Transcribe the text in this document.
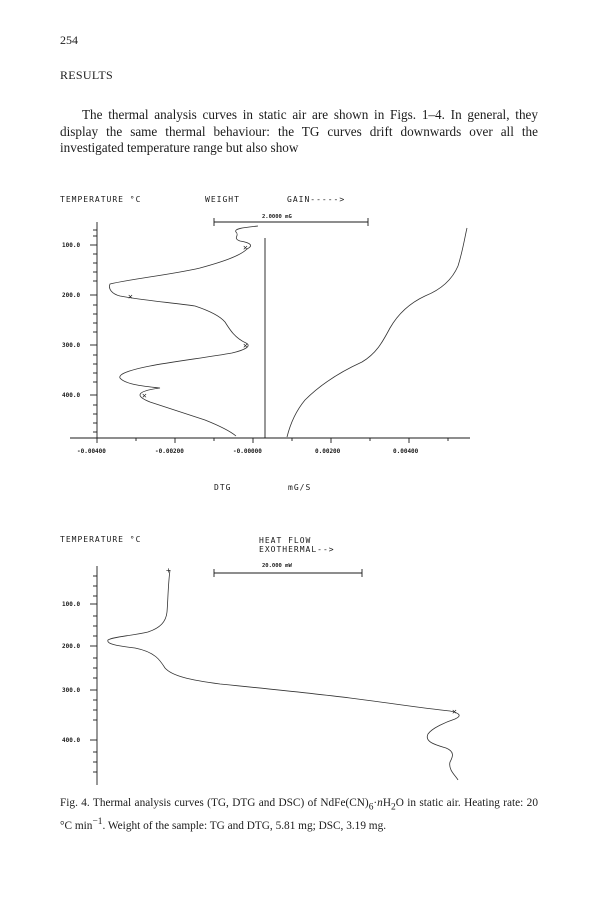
254
RESULTS

The thermal analysis curves in static air are shown in Figs. 1–4. In general, they display the same thermal behaviour: the TG curves drift downwards over all the investigated temperature range but also show

TEMPERATURE °C	WEIGHT	GAIN----->
2.0000 mG
100.0
200.0
300.0
400.0
-0.00400	-0.00200	-0.00000	0.00200	0.00400
DTG	mG/S
✕
✕
✕
✕
TEMPERATURE °C	HEAT FLOW
EXOTHERMAL-->
20.000 mW
100.0
200.0
300.0
400.0
+
✕

Fig. 4. Thermal analysis curves (TG, DTG and DSC) of $NdFe(CN)_6\cdot nH_2O$ in static air. Heating rate: 20 °C $\min^{-1}$. Weight of the sample: TG and DTG, 5.81 mg; DSC, 3.19 mg.
